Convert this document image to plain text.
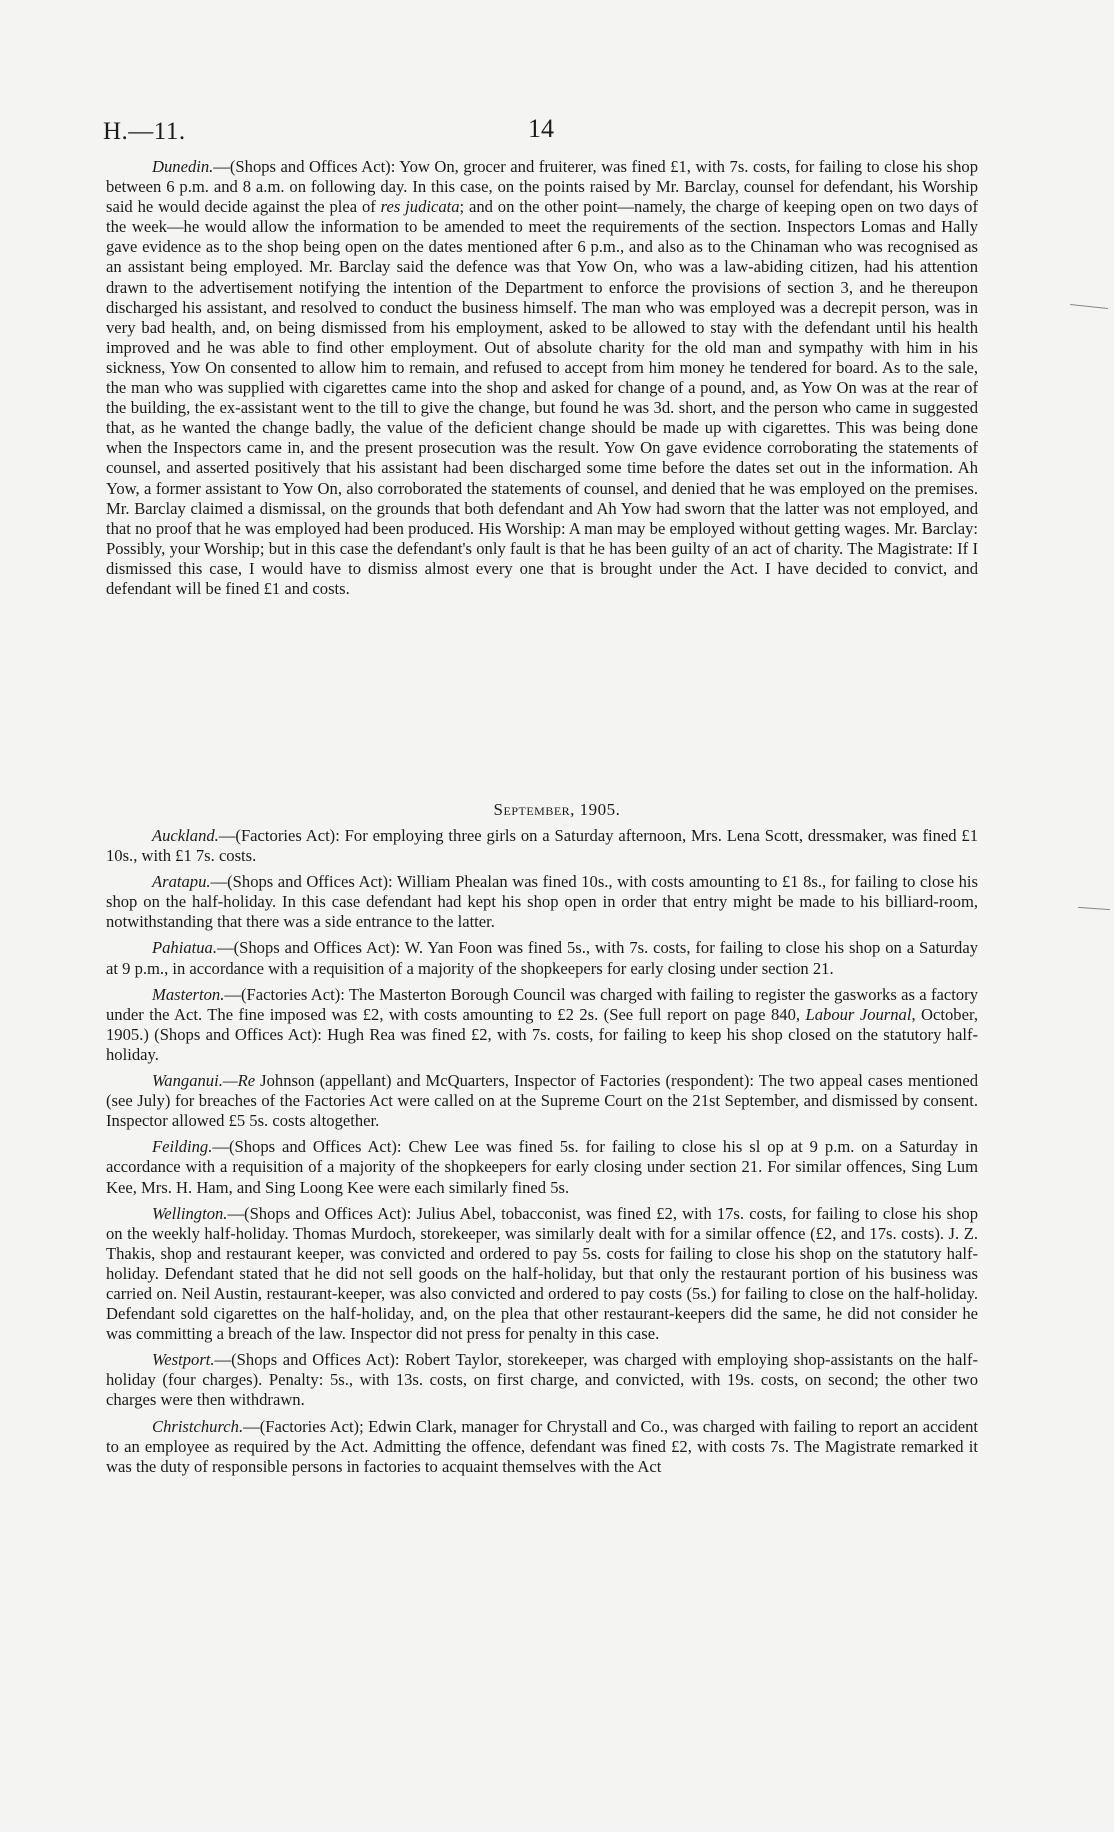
H.—11.	14

Dunedin.—(Shops and Offices Act): Yow On, grocer and fruiterer, was fined £1, with 7s. costs, for failing to close his shop between 6 p.m. and 8 a.m. on following day. In this case, on the points raised by Mr. Barclay, counsel for defendant, his Worship said he would decide against the plea of res judicata; and on the other point—namely, the charge of keeping open on two days of the week—he would allow the information to be amended to meet the requirements of the section. Inspectors Lomas and Hally gave evidence as to the shop being open on the dates mentioned after 6 p.m., and also as to the Chinaman who was recognised as an assistant being employed. Mr. Barclay said the defence was that Yow On, who was a law-abiding citizen, had his attention drawn to the advertisement notifying the intention of the Department to enforce the provisions of section 3, and he thereupon discharged his assistant, and resolved to conduct the business himself. The man who was employed was a decrepit person, was in very bad health, and, on being dismissed from his employment, asked to be allowed to stay with the defendant until his health improved and he was able to find other employment. Out of absolute charity for the old man and sympathy with him in his sickness, Yow On consented to allow him to remain, and refused to accept from him money he tendered for board. As to the sale, the man who was supplied with cigarettes came into the shop and asked for change of a pound, and, as Yow On was at the rear of the building, the ex-assistant went to the till to give the change, but found he was 3d. short, and the person who came in suggested that, as he wanted the change badly, the value of the deficient change should be made up with cigarettes. This was being done when the Inspectors came in, and the present prosecution was the result. Yow On gave evidence corroborating the statements of counsel, and asserted positively that his assistant had been discharged some time before the dates set out in the information. Ah Yow, a former assistant to Yow On, also corroborated the statements of counsel, and denied that he was employed on the premises. Mr. Barclay claimed a dismissal, on the grounds that both defendant and Ah Yow had sworn that the latter was not employed, and that no proof that he was employed had been produced. His Worship: A man may be employed without getting wages. Mr. Barclay: Possibly, your Worship; but in this case the defendant's only fault is that he has been guilty of an act of charity. The Magistrate: If I dismissed this case, I would have to dismiss almost every one that is brought under the Act. I have decided to convict, and defendant will be fined £1 and costs.

September, 1905.

Auckland.—(Factories Act): For employing three girls on a Saturday afternoon, Mrs. Lena Scott, dressmaker, was fined £1 10s., with £1 7s. costs.

Aratapu.—(Shops and Offices Act): William Phealan was fined 10s., with costs amounting to £1 8s., for failing to close his shop on the half-holiday. In this case defendant had kept his shop open in order that entry might be made to his billiard-room, notwithstanding that there was a side entrance to the latter.

Pahiatua.—(Shops and Offices Act): W. Yan Foon was fined 5s., with 7s. costs, for failing to close his shop on a Saturday at 9 p.m., in accordance with a requisition of a majority of the shopkeepers for early closing under section 21.

Masterton.—(Factories Act): The Masterton Borough Council was charged with failing to register the gasworks as a factory under the Act. The fine imposed was £2, with costs amounting to £2 2s. (See full report on page 840, Labour Journal, October, 1905.) (Shops and Offices Act): Hugh Rea was fined £2, with 7s. costs, for failing to keep his shop closed on the statutory half-holiday.

Wanganui.—Re Johnson (appellant) and McQuarters, Inspector of Factories (respondent): The two appeal cases mentioned (see July) for breaches of the Factories Act were called on at the Supreme Court on the 21st September, and dismissed by consent. Inspector allowed £5 5s. costs altogether.

Feilding.—(Shops and Offices Act): Chew Lee was fined 5s. for failing to close his sl op at 9 p.m. on a Saturday in accordance with a requisition of a majority of the shopkeepers for early closing under section 21. For similar offences, Sing Lum Kee, Mrs. H. Ham, and Sing Loong Kee were each similarly fined 5s.

Wellington.—(Shops and Offices Act): Julius Abel, tobacconist, was fined £2, with 17s. costs, for failing to close his shop on the weekly half-holiday. Thomas Murdoch, storekeeper, was similarly dealt with for a similar offence (£2, and 17s. costs). J. Z. Thakis, shop and restaurant keeper, was convicted and ordered to pay 5s. costs for failing to close his shop on the statutory half-holiday. Defendant stated that he did not sell goods on the half-holiday, but that only the restaurant portion of his business was carried on. Neil Austin, restaurant-keeper, was also convicted and ordered to pay costs (5s.) for failing to close on the half-holiday. Defendant sold cigarettes on the half-holiday, and, on the plea that other restaurant-keepers did the same, he did not consider he was committing a breach of the law. Inspector did not press for penalty in this case.

Westport.—(Shops and Offices Act): Robert Taylor, storekeeper, was charged with employing shop-assistants on the half-holiday (four charges). Penalty: 5s., with 13s. costs, on first charge, and convicted, with 19s. costs, on second; the other two charges were then withdrawn.

Christchurch.—(Factories Act); Edwin Clark, manager for Chrystall and Co., was charged with failing to report an accident to an employee as required by the Act. Admitting the offence, defendant was fined £2, with costs 7s. The Magistrate remarked it was the duty of responsible persons in factories to acquaint themselves with the Act
